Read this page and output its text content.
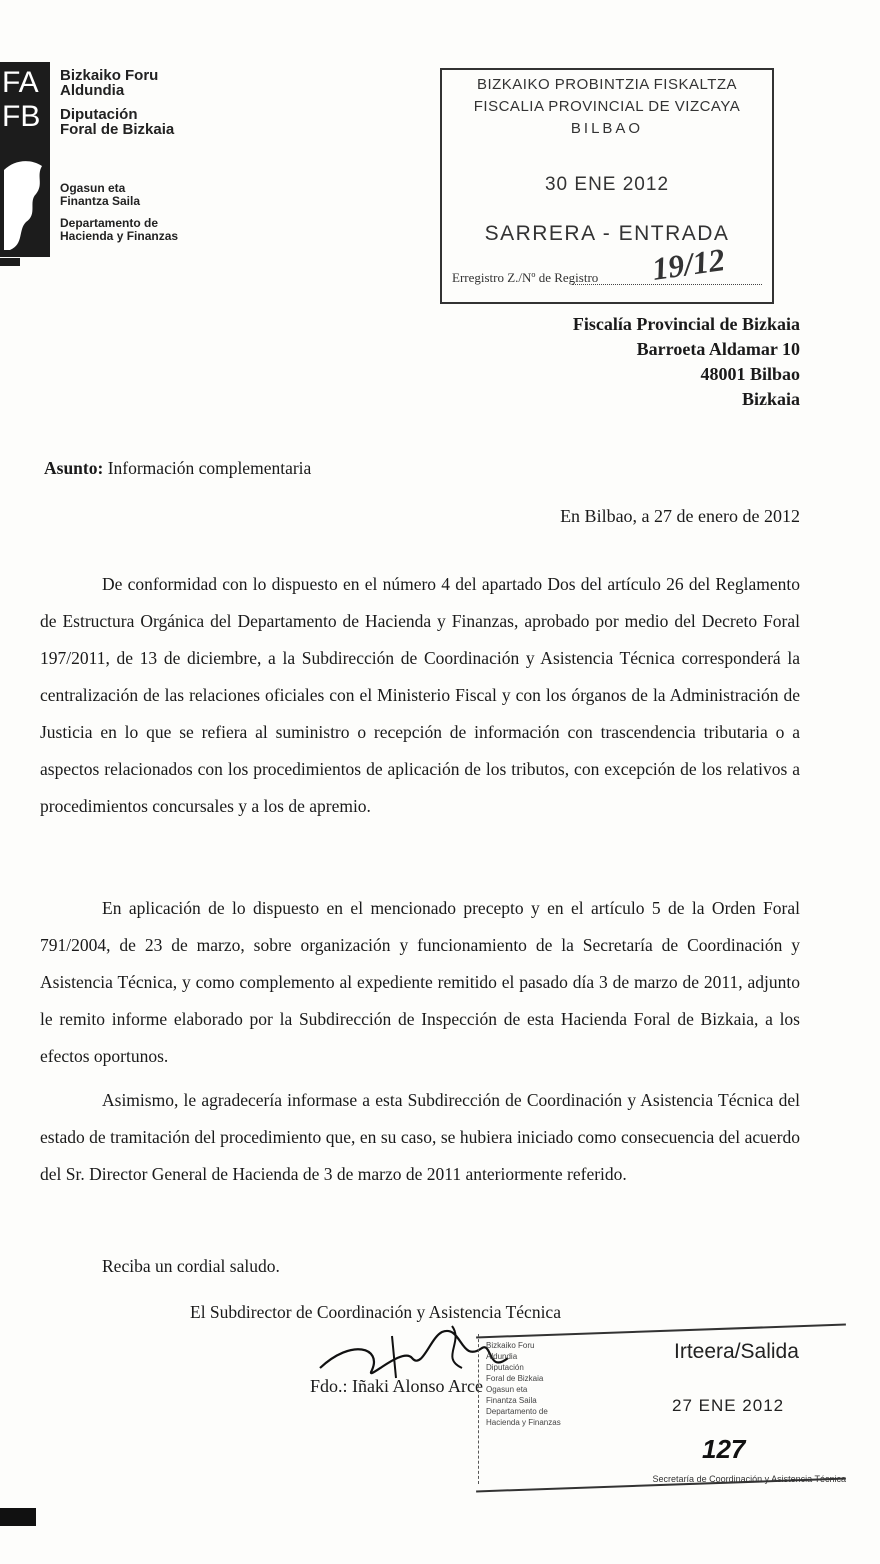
FA
FB
Bizkaiko Foru
Aldundia
Diputación
Foral de Bizkaia
Ogasun eta
Finantza Saila
Departamento de
Hacienda y Finanzas
BIZKAIKO PROBINTZIA FISKALTZA
FISCALIA PROVINCIAL DE VIZCAYA
BILBAO
30 ENE 2012
SARRERA - ENTRADA
Erregistro Z./Nº de Registro 19/12
Fiscalía Provincial de Bizkaia
Barroeta Aldamar 10
48001 Bilbao
Bizkaia
Asunto: Información complementaria
En Bilbao, a 27 de enero de 2012
De conformidad con lo dispuesto en el número 4 del apartado Dos del artículo 26 del Reglamento de Estructura Orgánica del Departamento de Hacienda y Finanzas, aprobado por medio del Decreto Foral 197/2011, de 13 de diciembre, a la Subdirección de Coordinación y Asistencia Técnica corresponderá la centralización de las relaciones oficiales con el Ministerio Fiscal y con los órganos de la Administración de Justicia en lo que se refiera al suministro o recepción de información con trascendencia tributaria o a aspectos relacionados con los procedimientos de aplicación de los tributos, con excepción de los relativos a procedimientos concursales y a los de apremio.
En aplicación de lo dispuesto en el mencionado precepto y en el artículo 5 de la Orden Foral 791/2004, de 23 de marzo, sobre organización y funcionamiento de la Secretaría de Coordinación y Asistencia Técnica, y como complemento al expediente remitido el pasado día 3 de marzo de 2011, adjunto le remito informe elaborado por la Subdirección de Inspección de esta Hacienda Foral de Bizkaia, a los efectos oportunos.
Asimismo, le agradecería informase a esta Subdirección de Coordinación y Asistencia Técnica del estado de tramitación del procedimiento que, en su caso, se hubiera iniciado como consecuencia del acuerdo del Sr. Director General de Hacienda de 3 de marzo de 2011 anteriormente referido.
Reciba un cordial saludo.
El Subdirector de Coordinación y Asistencia Técnica
Fdo.: Iñaki Alonso Arce
Bizkaiko Foru
Aldundia
Diputación
Foral de Bizkaia
Ogasun eta
Finantza Saila
Departamento de
Hacienda y Finanzas
Irteera/Salida
27 ENE 2012
127
Secretaría de Coordinación y Asistencia Técnica
